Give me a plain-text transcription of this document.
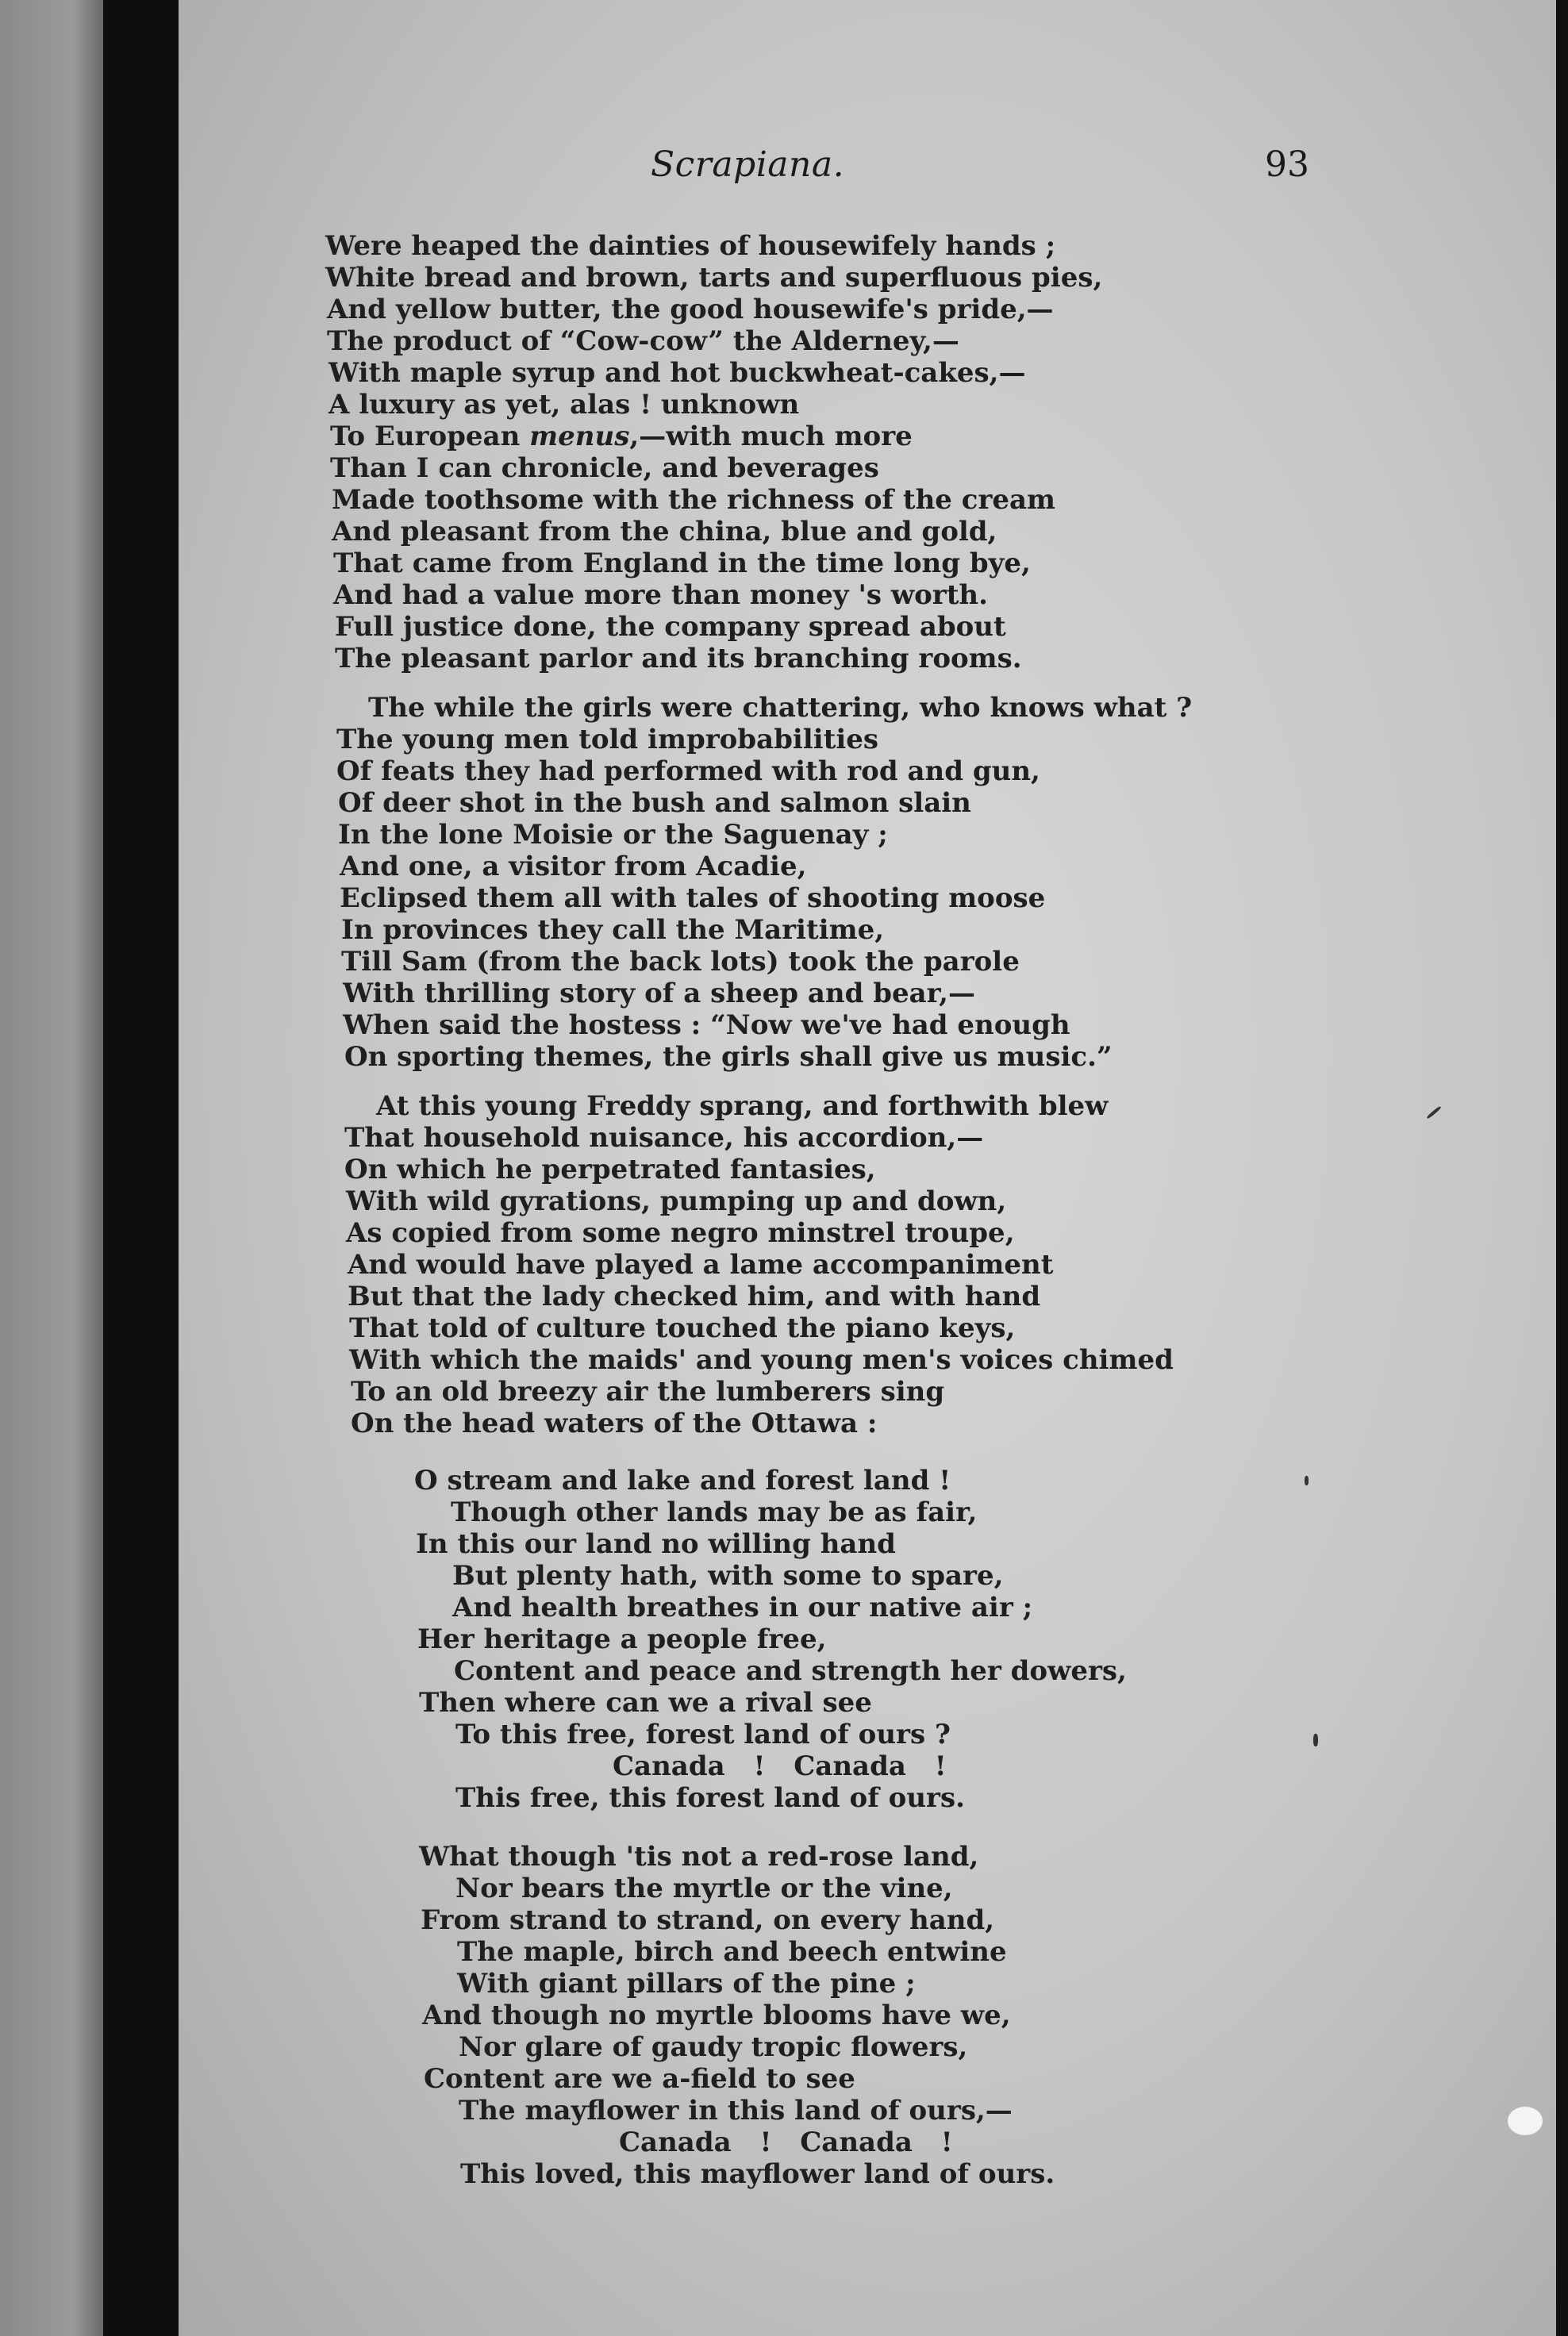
Scrapiana.	93
Were heaped the dainties of housewifely hands ;
White bread and brown, tarts and superfluous pies,
And yellow butter, the good housewife's pride,—
The product of “Cow-cow” the Alderney,—
With maple syrup and hot buckwheat-cakes,—
A luxury as yet, alas ! unknown
To European menus,—with much more
Than I can chronicle, and beverages
Made toothsome with the richness of the cream
And pleasant from the china, blue and gold,
That came from England in the time long bye,
And had a value more than money 's worth.
Full justice done, the company spread about
The pleasant parlor and its branching rooms.
The while the girls were chattering, who knows what ?
The young men told improbabilities
Of feats they had performed with rod and gun,
Of deer shot in the bush and salmon slain
In the lone Moisie or the Saguenay ;
And one, a visitor from Acadie,
Eclipsed them all with tales of shooting moose
In provinces they call the Maritime,
Till Sam (from the back lots) took the parole
With thrilling story of a sheep and bear,—
When said the hostess : “Now we've had enough
On sporting themes, the girls shall give us music.”
At this young Freddy sprang, and forthwith blew
That household nuisance, his accordion,—
On which he perpetrated fantasies,
With wild gyrations, pumping up and down,
As copied from some negro minstrel troupe,
And would have played a lame accompaniment
But that the lady checked him, and with hand
That told of culture touched the piano keys,
With which the maids' and young men's voices chimed
To an old breezy air the lumberers sing
On the head waters of the Ottawa :
O stream and lake and forest land !
Though other lands may be as fair,
In this our land no willing hand
But plenty hath, with some to spare,
And health breathes in our native air ;
Her heritage a people free,
Content and peace and strength her dowers,
Then where can we a rival see
To this free, forest land of ours ?
Canada ! Canada !
This free, this forest land of ours.
What though 'tis not a red-rose land,
Nor bears the myrtle or the vine,
From strand to strand, on every hand,
The maple, birch and beech entwine
With giant pillars of the pine ;
And though no myrtle blooms have we,
Nor glare of gaudy tropic flowers,
Content are we a-field to see
The mayflower in this land of ours,—
Canada ! Canada !
This loved, this mayflower land of ours.
